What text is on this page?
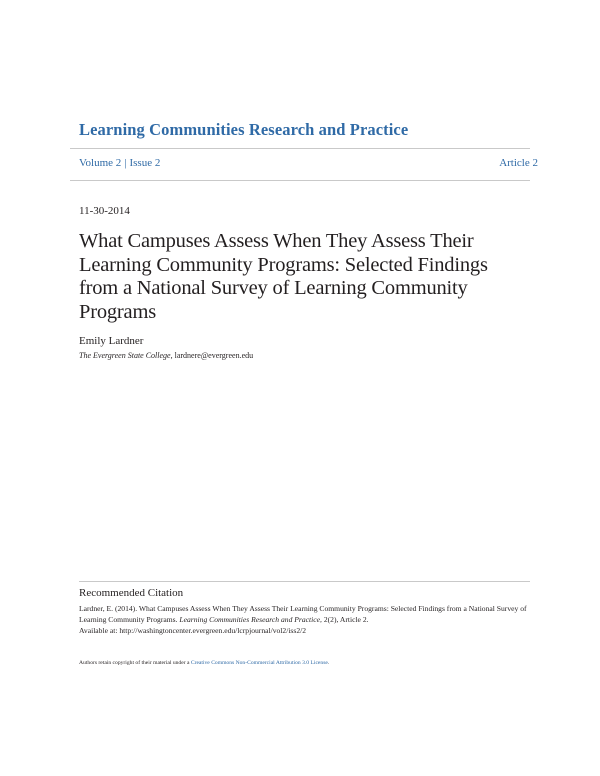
Learning Communities Research and Practice
Volume 2 | Issue 2	Article 2
11-30-2014
What Campuses Assess When They Assess Their Learning Community Programs: Selected Findings from a National Survey of Learning Community Programs
Emily Lardner
The Evergreen State College, lardnere@evergreen.edu
Recommended Citation
Lardner, E. (2014). What Campuses Assess When They Assess Their Learning Community Programs: Selected Findings from a National Survey of Learning Community Programs. Learning Communities Research and Practice, 2(2), Article 2.
Available at: http://washingtoncenter.evergreen.edu/lcrpjournal/vol2/iss2/2
Authors retain copyright of their material under a Creative Commons Non-Commercial Attribution 3.0 License.
